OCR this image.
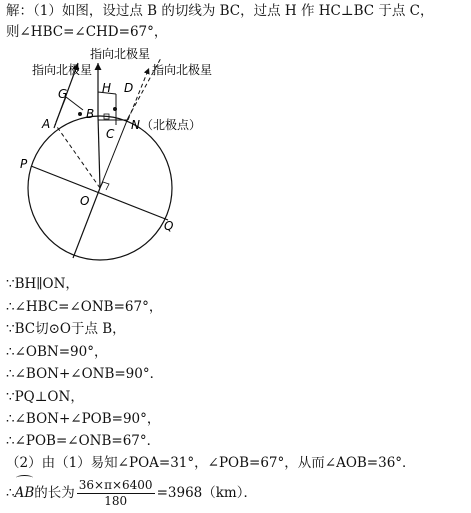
解：（1）如图，设过点 B 的切线为 BC，过点 H 作 HC⊥BC 于点 C，
则∠HBC=∠CHD=67°，
指向北极星
指向北极星
指向北极星
G	H D
B
A
C
N （北极点）
P
O
Q
∵BH∥ON，
∴∠HBC=∠ONB=67°，
∵BC切⊙O于点 B，
∴∠OBN=90°，
∴∠BON+∠ONB=90°．
∵PQ⊥ON，
∴∠BON+∠POB=90°，
∴∠POB=∠ONB=67°．
（2）由（1）易知∠POA=31°，∠POB=67°，从而∠AOB=36°．
∴AB的长为 $\frac{36\times\pi\times 6400}{180} =3968(km)$．
